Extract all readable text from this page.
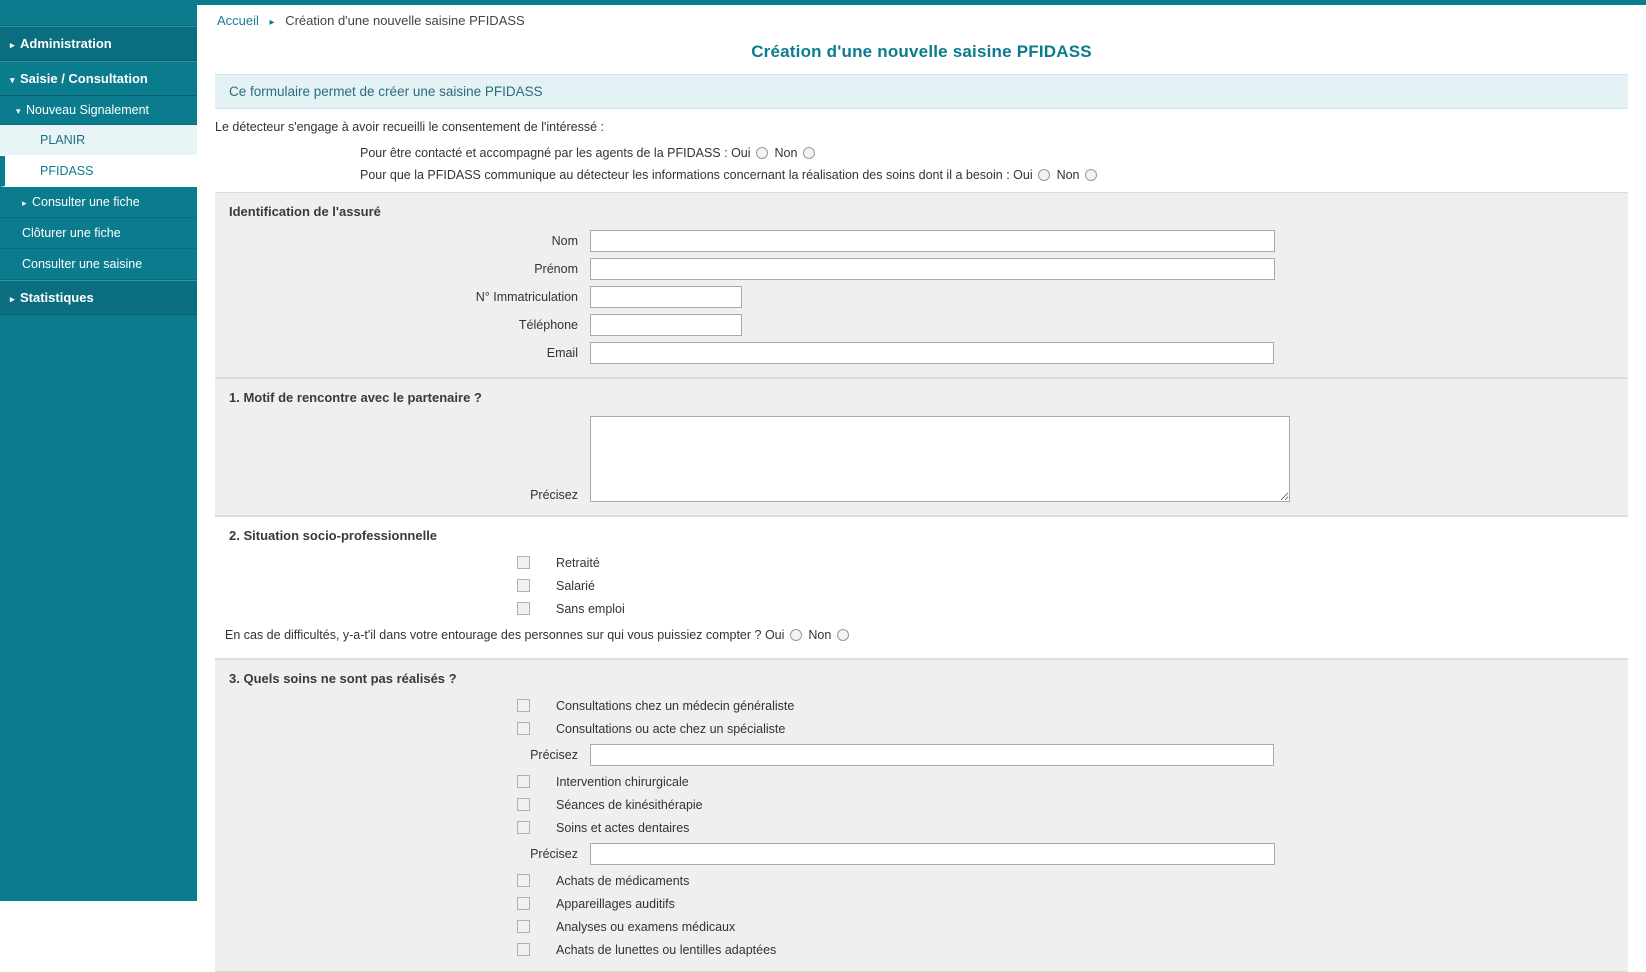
▸ Administration
▾ Saisie / Consultation
▾ Nouveau Signalement
PLANIR
PFIDASS
▸ Consulter une fiche
Clôturer une fiche
Consulter une saisine
▸ Statistiques
Accueil ▸ Création d'une nouvelle saisine PFIDASS
Création d'une nouvelle saisine PFIDASS
Ce formulaire permet de créer une saisine PFIDASS
Le détecteur s'engage à avoir recueilli le consentement de l'intéressé :
Pour être contacté et accompagné par les agents de la PFIDASS : Oui Non
Pour que la PFIDASS communique au détecteur les informations concernant la réalisation des soins dont il a besoin : Oui Non
Identification de l'assuré
Nom
Prénom
N° Immatriculation
Téléphone
Email
1. Motif de rencontre avec le partenaire ?
Précisez
2. Situation socio-professionnelle
Retraité
Salarié
Sans emploi
En cas de difficultés, y-a-t'il dans votre entourage des personnes sur qui vous puissiez compter ? Oui Non
3. Quels soins ne sont pas réalisés ?
Consultations chez un médecin généraliste
Consultations ou acte chez un spécialiste
Précisez
Intervention chirurgicale
Séances de kinésithérapie
Soins et actes dentaires
Précisez
Achats de médicaments
Appareillages auditifs
Analyses ou examens médicaux
Achats de lunettes ou lentilles adaptées
